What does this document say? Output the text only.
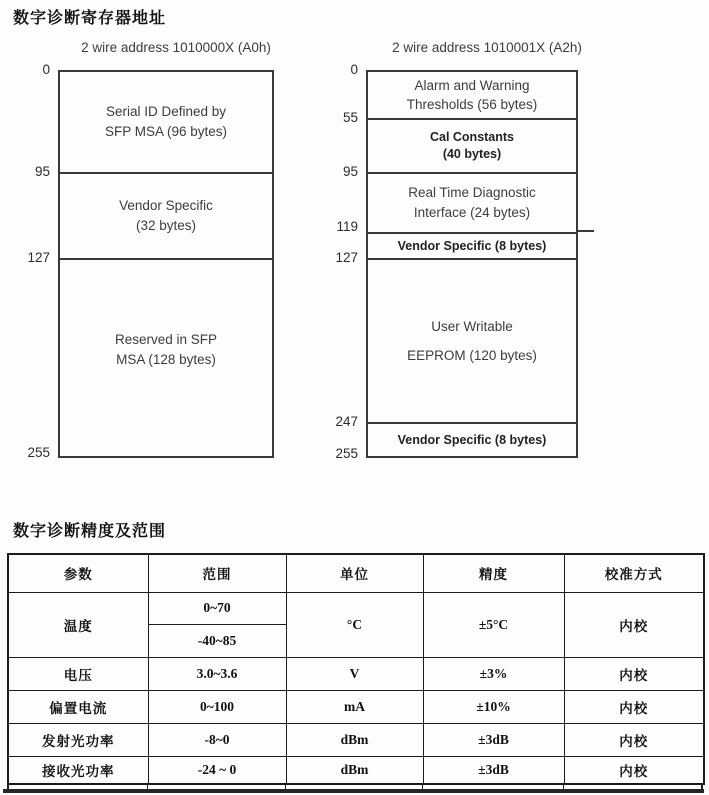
数字诊断寄存器地址
2 wire address 1010000X (A0h)
Serial ID Defined by
SFP MSA (96 bytes)
Vendor Specific
(32 bytes)
Reserved in SFP
MSA (128 bytes)
0
95
127
255
2 wire address 1010001X (A2h)
Alarm and Warning
Thresholds (56 bytes)
Cal Constants
(40 bytes)
Real Time Diagnostic
Interface (24 bytes)
Vendor Specific (8 bytes)
User Writable
EEPROM (120 bytes)
Vendor Specific (8 bytes)
0
55
95
119
127
247
255
数字诊断精度及范围
参数	范围	单位	精度	校准方式
温度	0~70	°C	±5°C	内校
	-40~85			
电压	3.0~3.6	V	±3%	内校
偏置电流	0~100	mA	±10%	内校
发射光功率	-8~0	dBm	±3dB	内校
接收光功率	-24 ~ 0	dBm	±3dB	内校
